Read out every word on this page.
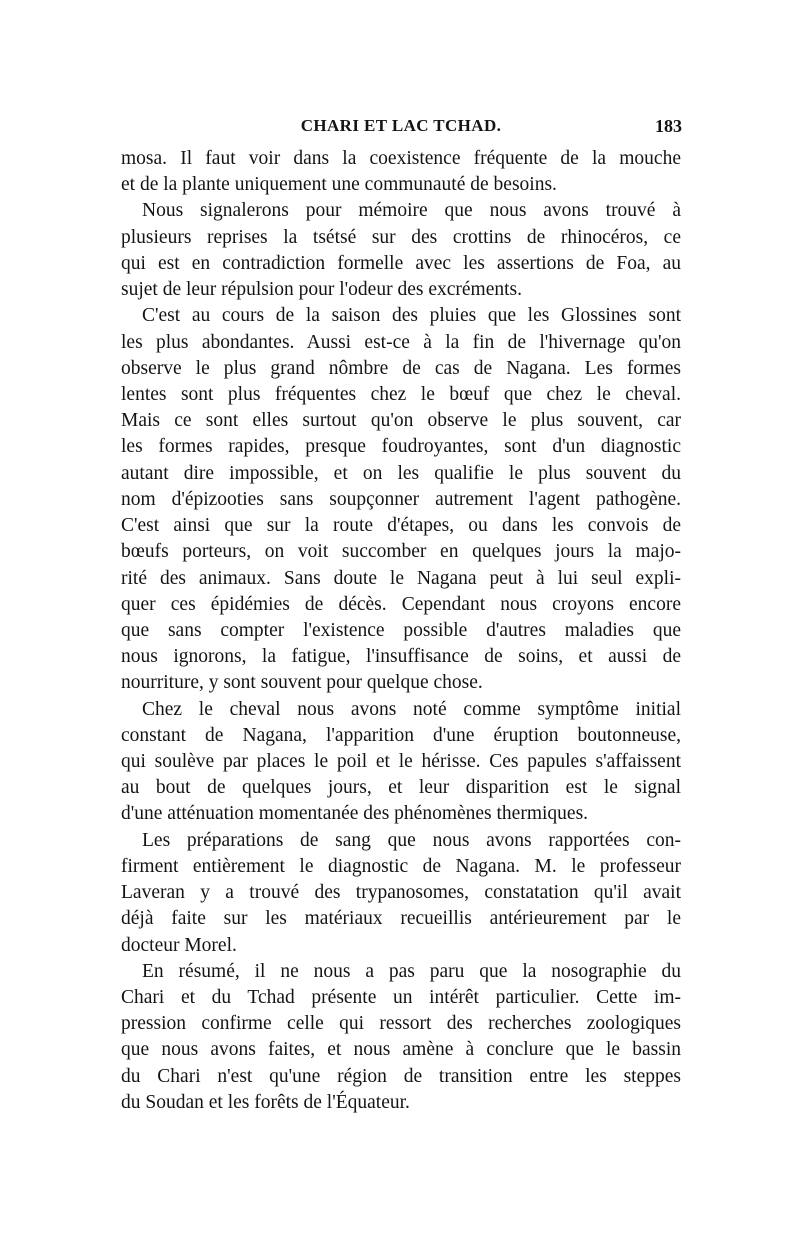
CHARI ET LAC TCHAD.	183
mosa. Il faut voir dans la coexistence fréquente de la mouche
et de la plante uniquement une communauté de besoins.
Nous signalerons pour mémoire que nous avons trouvé à
plusieurs reprises la tsétsé sur des crottins de rhinocéros, ce
qui est en contradiction formelle avec les assertions de Foa, au
sujet de leur répulsion pour l'odeur des excréments.
C'est au cours de la saison des pluies que les Glossines sont
les plus abondantes. Aussi est-ce à la fin de l'hivernage qu'on
observe le plus grand nômbre de cas de Nagana. Les formes
lentes sont plus fréquentes chez le bœuf que chez le cheval.
Mais ce sont elles surtout qu'on observe le plus souvent, car
les formes rapides, presque foudroyantes, sont d'un diagnostic
autant dire impossible, et on les qualifie le plus souvent du
nom d'épizooties sans soupçonner autrement l'agent pathogène.
C'est ainsi que sur la route d'étapes, ou dans les convois de
bœufs porteurs, on voit succomber en quelques jours la majo-
rité des animaux. Sans doute le Nagana peut à lui seul expli-
quer ces épidémies de décès. Cependant nous croyons encore
que sans compter l'existence possible d'autres maladies que
nous ignorons, la fatigue, l'insuffisance de soins, et aussi de
nourriture, y sont souvent pour quelque chose.
Chez le cheval nous avons noté comme symptôme initial
constant de Nagana, l'apparition d'une éruption boutonneuse,
qui soulève par places le poil et le hérisse. Ces papules s'affaissent
au bout de quelques jours, et leur disparition est le signal
d'une atténuation momentanée des phénomènes thermiques.
Les préparations de sang que nous avons rapportées con-
firment entièrement le diagnostic de Nagana. M. le professeur
Laveran y a trouvé des trypanosomes, constatation qu'il avait
déjà faite sur les matériaux recueillis antérieurement par le
docteur Morel.
En résumé, il ne nous a pas paru que la nosographie du
Chari et du Tchad présente un intérêt particulier. Cette im-
pression confirme celle qui ressort des recherches zoologiques
que nous avons faites, et nous amène à conclure que le bassin
du Chari n'est qu'une région de transition entre les steppes
du Soudan et les forêts de l'Équateur.
